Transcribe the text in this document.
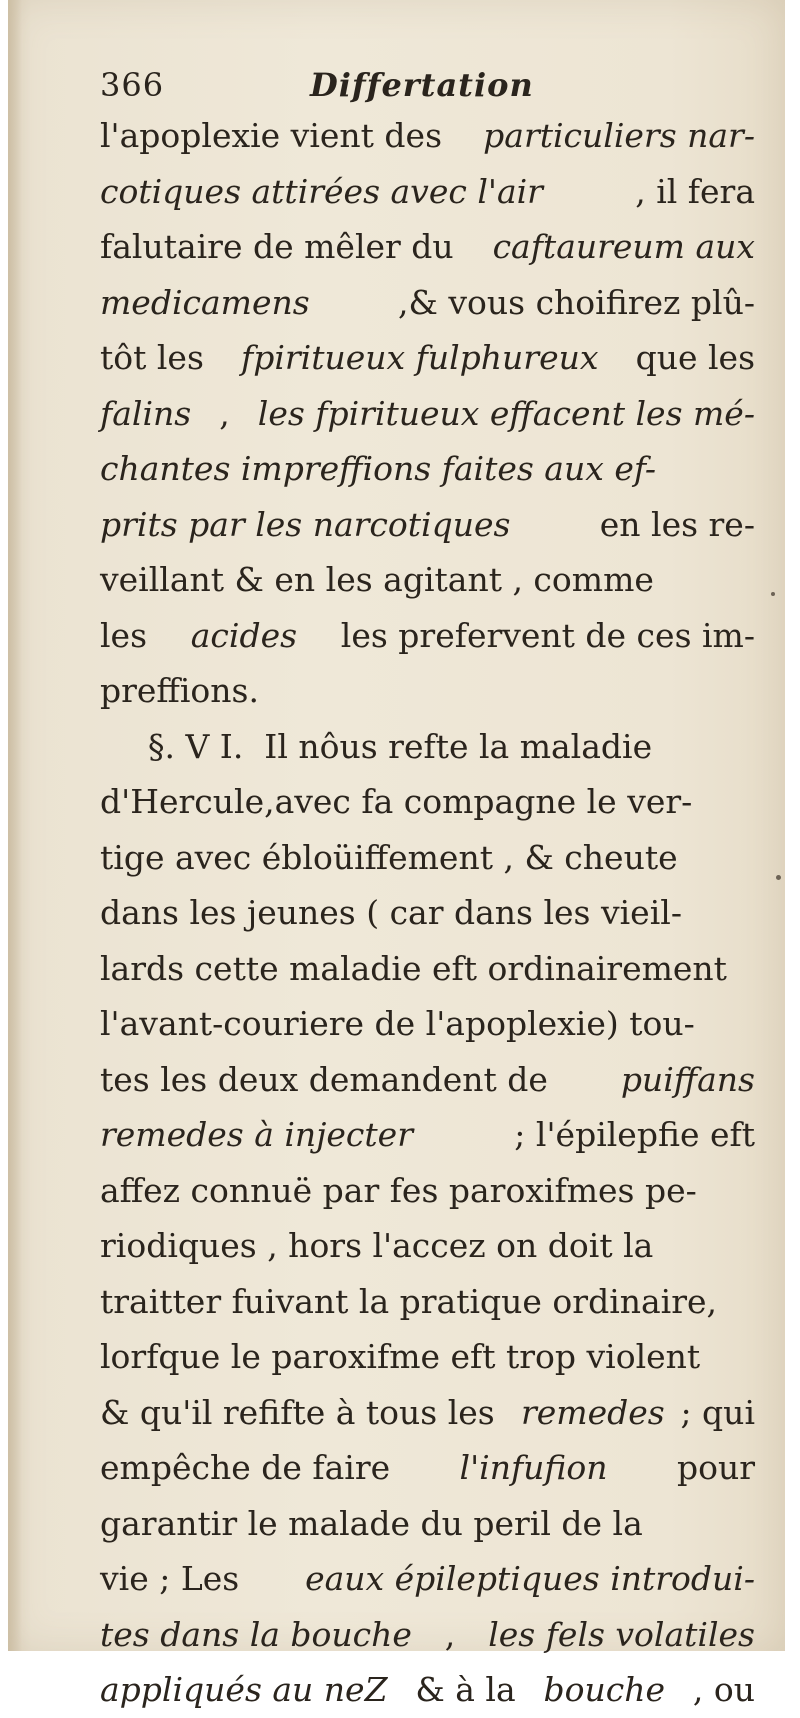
366	Differtation
l'apoplexie vient des particuliers nar-
cotiques attirées avec l'air , il fera
falutaire de mêler du caftaureum aux
medicamens ,& vous choifirez plû-
tôt les fpiritueux fulphureux que les
falins , les fpiritueux effacent les mé-
chantes impreffions faites aux ef-
prits par les narcotiques en les re-
veillant & en les agitant , comme
les acides les prefervent de ces im-
preffions.
§. V I.  Il nôus refte la maladie
d'Hercule,avec fa compagne le ver-
tige avec ébloüiffement , & cheute
dans les jeunes ( car dans les vieil-
lards cette maladie eft ordinairement
l'avant-couriere de l'apoplexie) tou-
tes les deux demandent de puiffans
remedes à injecter	; l'épilepfie eft
affez connuë par fes paroxifmes pe-
riodiques , hors l'accez on doit la
traitter fuivant la pratique ordinaire,
lorfque le paroxifme eft trop violent
& qu'il refifte à tous les remedes ; qui
empêche de faire l'infufion pour
garantir le malade du peril de la
vie ; Les eaux épileptiques introdui-
tes dans la bouche , les fels volatiles
appliqués au neZ & à la bouche , ou
